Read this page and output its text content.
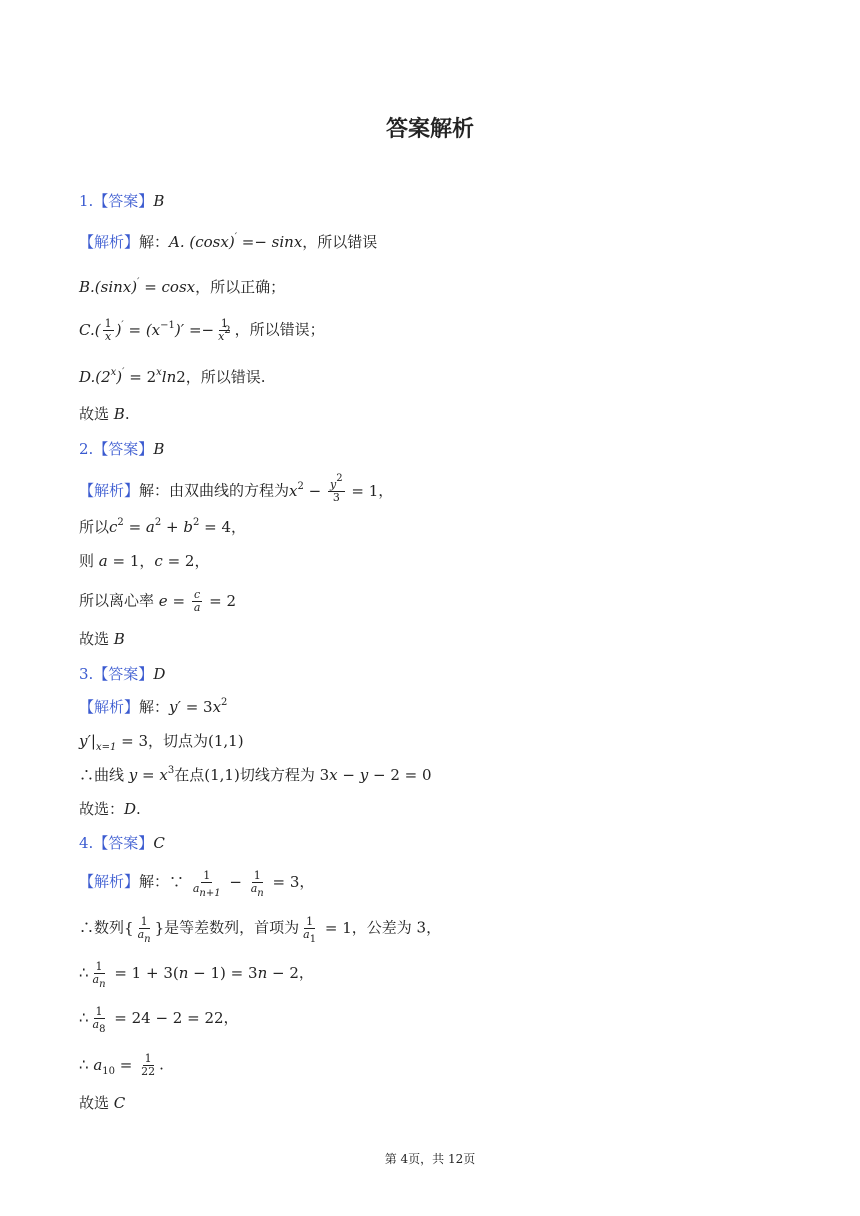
答案解析
1.【答案】B
【解析】解：A. (cosx)′ =− sinx，所以错误
B.(sinx)′ = cosx，所以正确；
$C.( \frac{1}{x} )' = (x^{-1})' =- \frac{1}{x^2}$ ，所以错误；
$D.(2^x)' = 2^x\ln 2$，所以错误.
故选 B.
2.【答案】B
【解析】解：由双曲线的方程为$x^2 - \frac{y^2}{3} = 1$，
所以$c^2 = a^2 + b^2 = 4$，
则 a = 1，c = 2，
所以离心率 $e = \frac{c}{a} = 2$
故选 B
3.【答案】D
【解析】解：$y' = 3x^2$
$y'|_{x=1} = 3$，切点为(1,1)
∴曲线 $y = x^3$在点(1,1)切线方程为 3x − y − 2 = 0
故选：D.
4.【答案】C
【解析】解：∵ $\frac{1}{a_{n+1}} - \frac{1}{a_n} = 3$，
∴数列{ $\frac{1}{a_n}$ }是等差数列，首项为 $\frac{1}{a_1} = 1$，公差为 3，
∴ $\frac{1}{a_n} = 1 + 3(n - 1) = 3n - 2$，
∴ $\frac{1}{a_8} = 24 - 2 = 22$，
∴ $a_{10} = \frac{1}{22}$ .
故选 C
第 4页，共 12页
